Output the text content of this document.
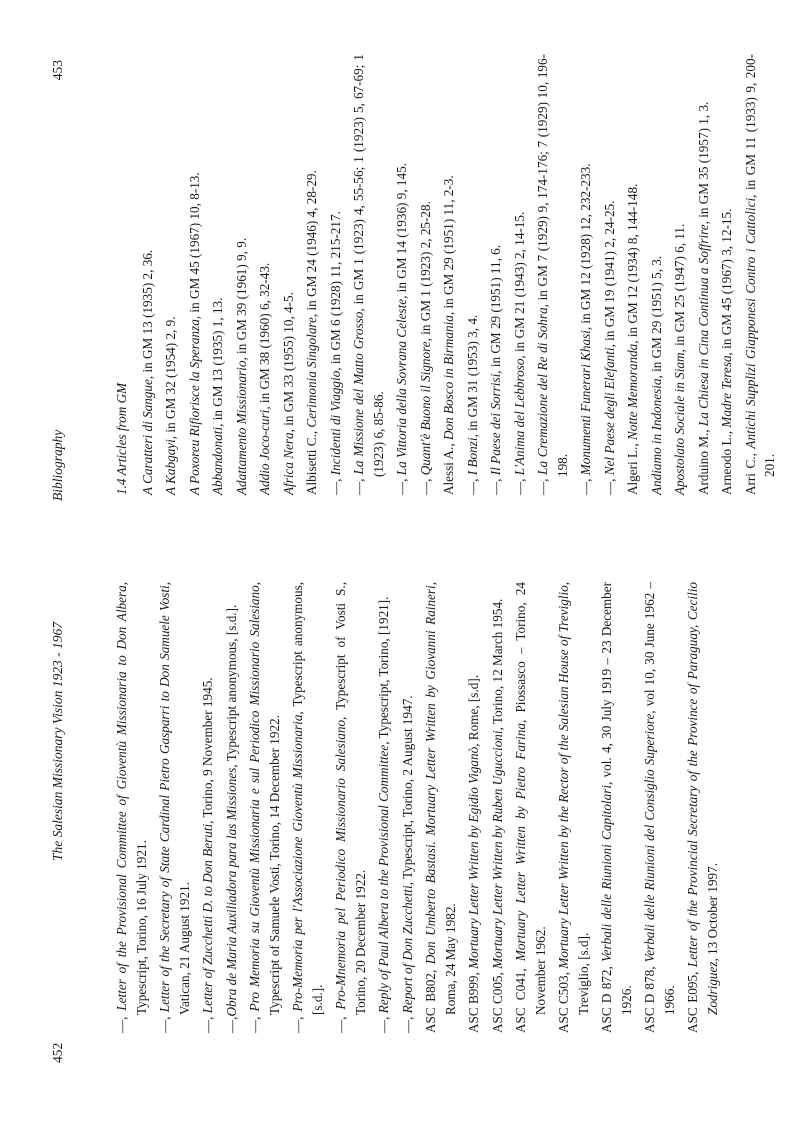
452
The Salesian Missionary Vision 1923 - 1967
—, Letter of the Provisional Committee of Gioventù Missionaria to Don Albera, Typescript, Torino, 16 July 1921.
—, Letter of the Secretary of State Cardinal Pietro Gasparri to Don Samuele Vosti, Vatican, 21 August 1921.
—, Letter of Zucchetti D. to Don Beruti, Torino, 9 November 1945.
—,Obra de Maria Auxiliadora para las Missiones, Typescript anonymous, [s.d.].
—, Pro Memoria su Gioventù Missionaria e sul Periodico Missionario Salesiano, Typescript of Samuele Vosti, Torino, 14 December 1922.
—, Pro-Memoria per l'Associazione Gioventù Missionaria, Typescript anonymous, [s.d.].
—, Pro-Mnemoria pel Periodico Missionario Salesiano, Typescript of Vosti S., Torino, 20 December 1922.
—, Reply of Paul Albera to the Provisional Committee, Typescript, Torino, [1921].
—, Report of Don Zucchetti, Typescript, Torino, 2 August 1947.
ASC B802, Don Umberto Bastasi. Mortuary Letter Written by Giovanni Raineri, Roma, 24 May 1982. ASC B999, Mortuary Letter Written by Egidio Viganò, Rome, [s.d].
ASC C005, Mortuary Letter Written by Ruben Uguccioni, Torino, 12 March 1954.
ASC C041, Mortuary Letter Written by Pietro Farina, Piossasco – Torino, 24 November 1962. ASC C503, Mortuary Letter Written by the Rector of the Salesian House of Treviglio, Treviglio, [s.d]. ASC D 872, Verbali delle Riunioni Capitolari, vol. 4, 30 July 1919 – 23 December 1926. ASC D 878, Verbali delle Riunioni del Consiglio Superiore, vol 10, 30 June 1962 – 1966. ASC E095, Letter of the Provincial Secretary of the Province of Paraguay, Cecilio Zodriguez, 13 October 1997.
Bibliography
453
1.4 Articles from GM A Caratteri di Sangue, in GM 13 (1935) 2, 36.
A Kabgayi, in GM 32 (1954) 2, 9. A Poxoreu Rifiorisce la Speranza, in GM 45 (1967) 10, 8-13.
Abbandonati, in GM 13 (1935) 1, 13. Adattamento Missionario, in GM 39 (1961) 9, 9.
Addio Joco-curi, in GM 38 (1960) 6, 32-43.
Africa Nera, in GM 33 (1955) 10, 4-5.
Albisetti C., Cerimonia Singolare, in GM 24 (1946) 4, 28-29.
—, Incidenti di Viaggio, in GM 6 (1928) 11, 215-217.
—, La Missione del Matto Grosso, in GM 1 (1923) 4, 55-56; 1 (1923) 5, 67-69; 1 (1923) 6, 85-86.
—, La Vittoria della Sovrana Celeste, in GM 14 (1936) 9, 145.
—, Quant'è Buono il Signore, in GM 1 (1923) 2, 25-28.
Alessi A., Don Bosco in Birmania, in GM 29 (1951) 11, 2-3.
—, I Bonzi, in GM 31 (1953) 3, 4.
—, Il Paese dei Sorrisi, in GM 29 (1951) 11, 6.
—, L'Anima del Lebbroso, in GM 21 (1943) 2, 14-15.
—, La Cremazione del Re di Sohra, in GM 7 (1929) 9, 174-176; 7 (1929) 10, 196-198.
—, Monumenti Funerari Khasi, in GM 12 (1928) 12, 232-233.
—, Nel Paese degli Elefanti, in GM 19 (1941) 2, 24-25.
Algeri L., Notte Memoranda, in GM 12 (1934) 8, 144-148.
Andiamo in Indonesia, in GM 29 (1951) 5, 3.
Apostolato Sociale in Siam, in GM 25 (1947) 6, 11.
Arduino M., La Chiesa in Cina Continua a Soffrire, in GM 35 (1957) 1, 3.
Arneodo L., Madre Teresa, in GM 45 (1967) 3, 12-15.
Arri C., Antichi Supplizi Giapponesi Contro i Cattolici, in GM 11 (1933) 9, 200-201.
